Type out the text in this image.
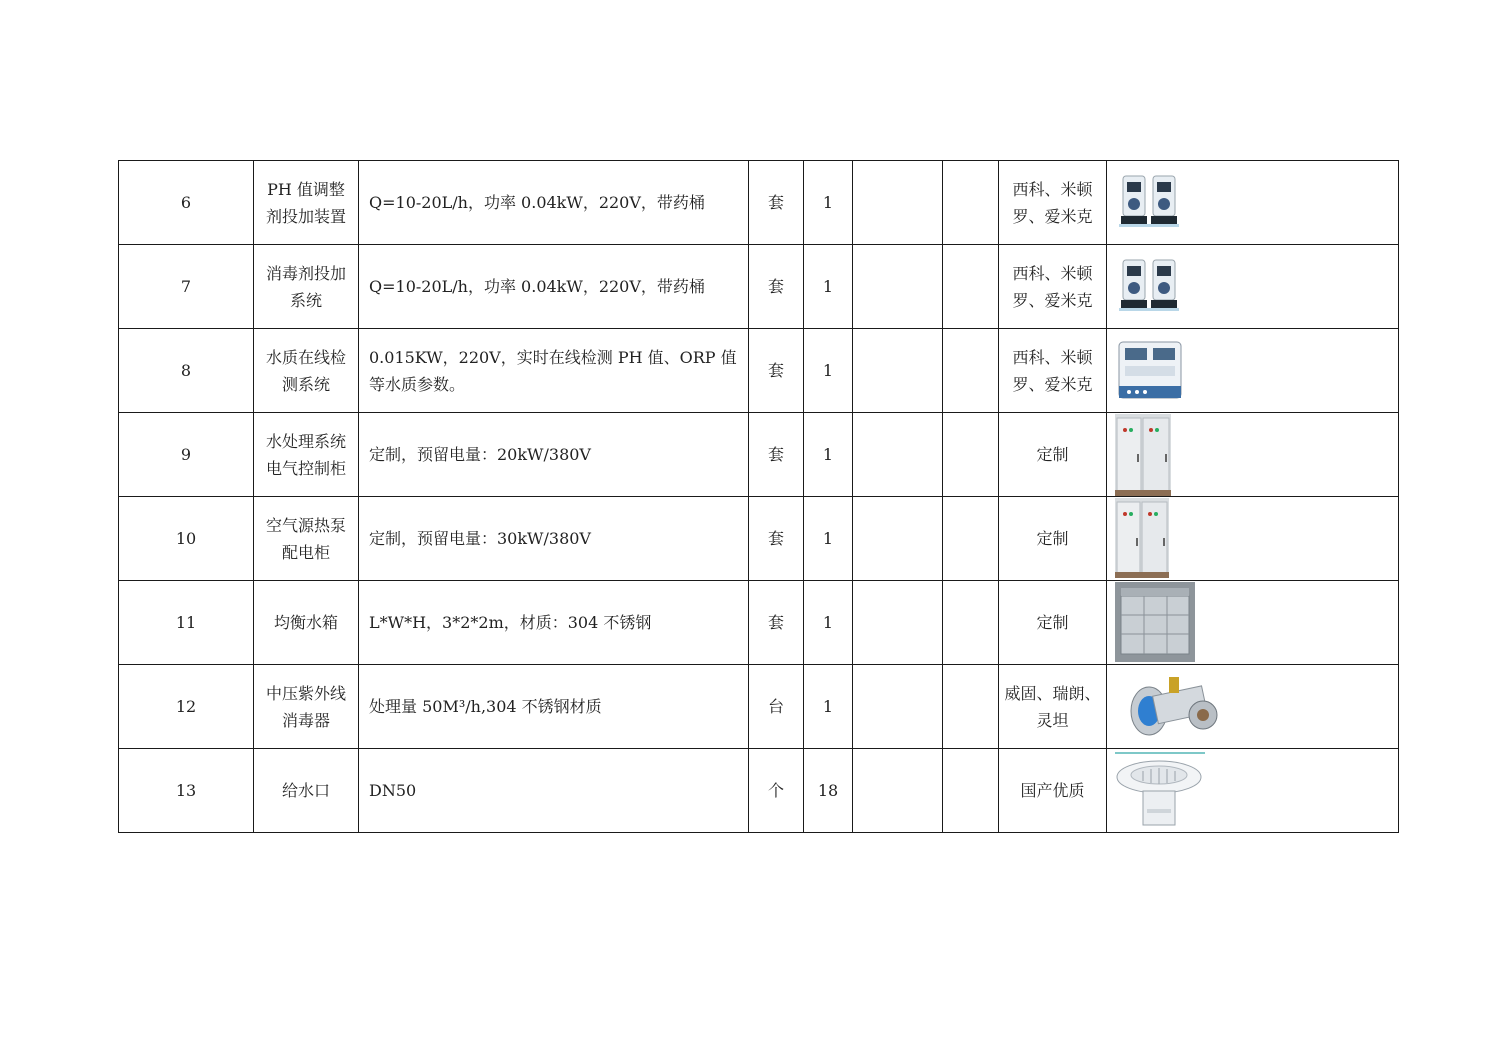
6	PH 值调整剂投加装置	Q=10-20L/h，功率 0.04kW，220V，带药桶	套	1			西科、米顿罗、爱米克	

7	消毒剂投加系统	Q=10-20L/h，功率 0.04kW，220V，带药桶	套	1			西科、米顿罗、爱米克	

8	水质在线检测系统	0.015KW，220V，实时在线检测 PH 值、ORP 值等水质参数。	套	1			西科、米顿罗、爱米克	

9	水处理系统电气控制柜	定制，预留电量：20kW/380V	套	1			定制	

10	空气源热泵配电柜	定制，预留电量：30kW/380V	套	1			定制	

11	均衡水箱	L*W*H，3*2*2m，材质：304 不锈钢	套	1			定制	

12	中压紫外线消毒器	处理量 50M³/h,304 不锈钢材质	台	1			威固、瑞朗、灵坦	

13	给水口	DN50	个	18			国产优质	
